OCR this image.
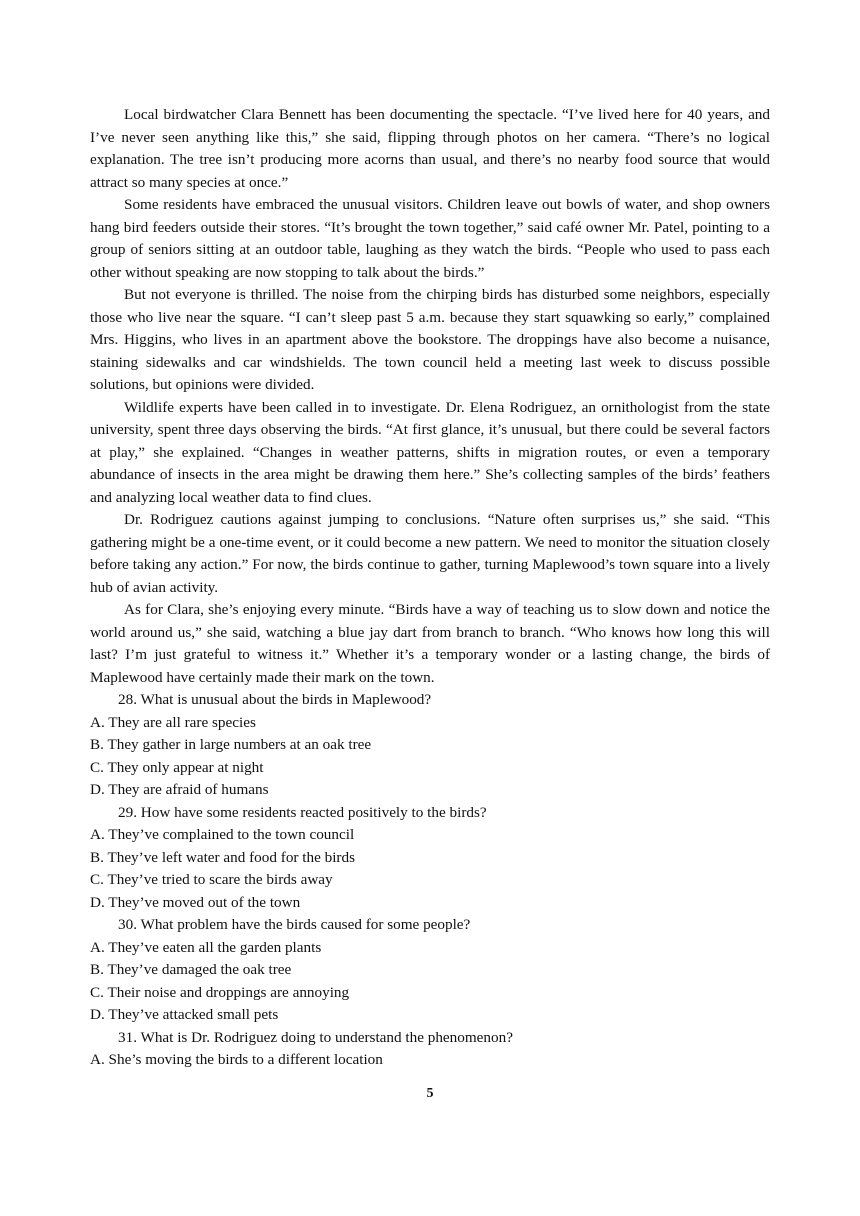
Local birdwatcher Clara Bennett has been documenting the spectacle. “I’ve lived here for 40 years, and I’ve never seen anything like this,” she said, flipping through photos on her camera. “There’s no logical explanation. The tree isn’t producing more acorns than usual, and there’s no nearby food source that would attract so many species at once.”

Some residents have embraced the unusual visitors. Children leave out bowls of water, and shop owners hang bird feeders outside their stores. “It’s brought the town together,” said café owner Mr. Patel, pointing to a group of seniors sitting at an outdoor table, laughing as they watch the birds. “People who used to pass each other without speaking are now stopping to talk about the birds.”

But not everyone is thrilled. The noise from the chirping birds has disturbed some neighbors, especially those who live near the square. “I can’t sleep past 5 a.m. because they start squawking so early,” complained Mrs. Higgins, who lives in an apartment above the bookstore. The droppings have also become a nuisance, staining sidewalks and car windshields. The town council held a meeting last week to discuss possible solutions, but opinions were divided.

Wildlife experts have been called in to investigate. Dr. Elena Rodriguez, an ornithologist from the state university, spent three days observing the birds. “At first glance, it’s unusual, but there could be several factors at play,” she explained. “Changes in weather patterns, shifts in migration routes, or even a temporary abundance of insects in the area might be drawing them here.” She’s collecting samples of the birds’ feathers and analyzing local weather data to find clues.

Dr. Rodriguez cautions against jumping to conclusions. “Nature often surprises us,” she said. “This gathering might be a one-time event, or it could become a new pattern. We need to monitor the situation closely before taking any action.” For now, the birds continue to gather, turning Maplewood’s town square into a lively hub of avian activity.

As for Clara, she’s enjoying every minute. “Birds have a way of teaching us to slow down and notice the world around us,” she said, watching a blue jay dart from branch to branch. “Who knows how long this will last? I’m just grateful to witness it.” Whether it’s a temporary wonder or a lasting change, the birds of Maplewood have certainly made their mark on the town.

28. What is unusual about the birds in Maplewood?

A. They are all rare species

B. They gather in large numbers at an oak tree

C. They only appear at night

D. They are afraid of humans

29. How have some residents reacted positively to the birds?

A. They’ve complained to the town council

B. They’ve left water and food for the birds

C. They’ve tried to scare the birds away

D. They’ve moved out of the town

30. What problem have the birds caused for some people?

A. They’ve eaten all the garden plants

B. They’ve damaged the oak tree

C. Their noise and droppings are annoying

D. They’ve attacked small pets

31. What is Dr. Rodriguez doing to understand the phenomenon?

A. She’s moving the birds to a different location

5
